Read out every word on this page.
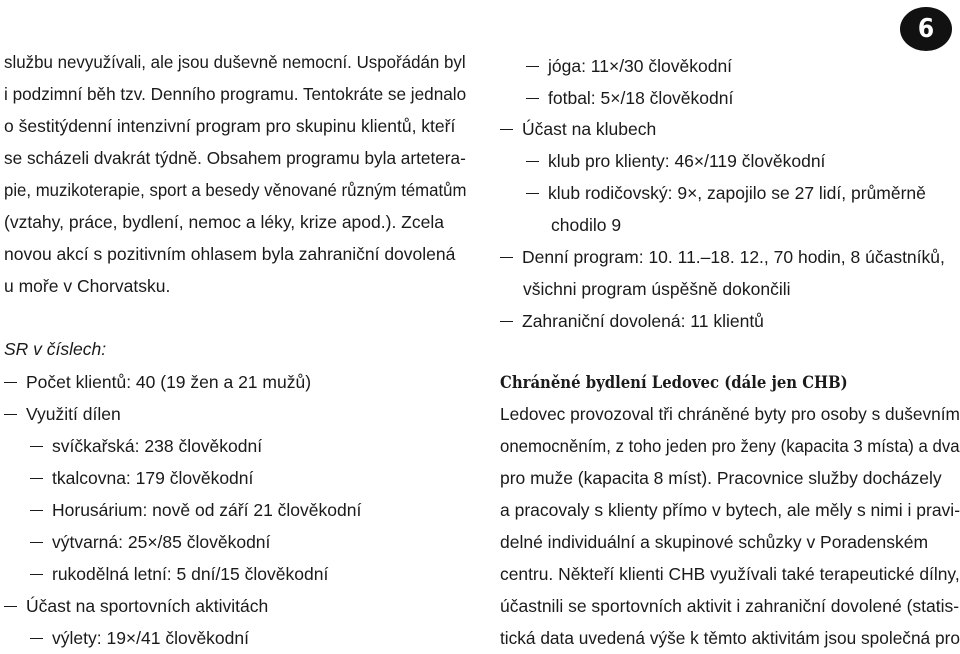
službu nevyužívali, ale jsou duševně nemocní. Uspořádán byl
i podzimní běh tzv. Denního programu. Tentokráte se jednalo
o šestitýdenní intenzivní program pro skupinu klientů, kteří
se scházeli dvakrát týdně. Obsahem programu byla artetera-
pie, muzikoterapie, sport a besedy věnované různým tématům
(vztahy, práce, bydlení, nemoc a léky, krize apod.). Zcela
novou akcí s pozitivním ohlasem byla zahraniční dovolená
u moře v Chorvatsku.
SR v číslech:
Počet klientů: 40 (19 žen a 21 mužů)
Využití dílen
svíčkařská: 238 člověkodní
tkalcovna: 179 člověkodní
Horusárium: nově od září 21 člověkodní
výtvarná: 25×/85 člověkodní
rukodělná letní: 5 dní/15 člověkodní
Účast na sportovních aktivitách
výlety: 19×/41 člověkodní
jóga: 11×/30 člověkodní
fotbal: 5×/18 člověkodní
Účast na klubech
klub pro klienty: 46×/119 člověkodní
klub rodičovský: 9×, zapojilo se 27 lidí, průměrně
chodilo 9
Denní program: 10. 11.–18. 12., 70 hodin, 8 účastníků,
všichni program úspěšně dokončili
Zahraniční dovolená: 11 klientů
Chráněné bydlení Ledovec (dále jen CHB)
Ledovec provozoval tři chráněné byty pro osoby s duševním
onemocněním, z toho jeden pro ženy (kapacita 3 místa) a dva
pro muže (kapacita 8 míst). Pracovnice služby docházely
a pracovaly s klienty přímo v bytech, ale měly s nimi i pravi-
delné individuální a skupinové schůzky v Poradenském
centru. Někteří klienti CHB využívali také terapeutické dílny,
účastnili se sportovních aktivit i zahraniční dovolené (statis-
tická data uvedená výše k těmto aktivitám jsou společná pro
6
